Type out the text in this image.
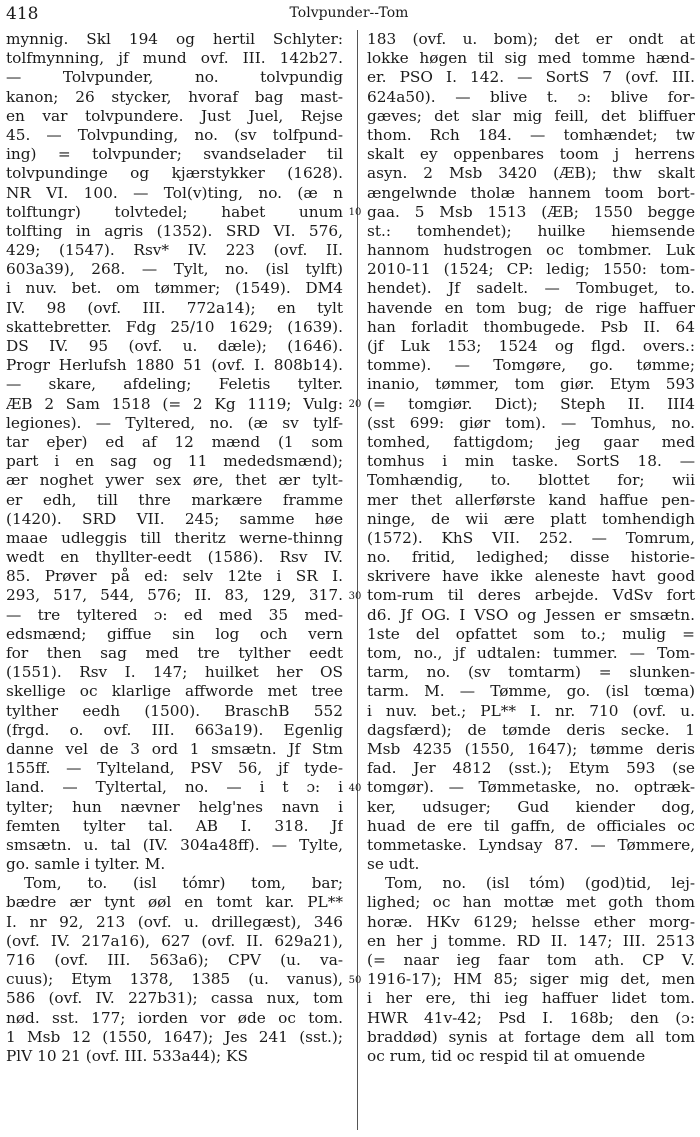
418	Tolvpunder--Tom
10
20
30
40
50
mynnig. Skl 194 og hertil Schlyter:
tolfmynning, jf mund ovf. III. 142b27.
— Tolvpunder, no. tolvpundig
kanon; 26 stycker, hvoraf bag mast-
en var tolvpundere. Just Juel, Rejse
45. — Tolvpunding, no. (sv tolfpund-
ing) = tolvpunder; svandselader til
tolvpundinge og kjærstykker (1628).
NR VI. 100. — Tol(v)ting, no. (æ n
tolftungr) tolvtedel; habet unum
tolfting in agris (1352). SRD VI. 576,
429; (1547). Rsv* IV. 223 (ovf. II.
603a39), 268. — Tylt, no. (isl tylft)
i nuv. bet. om tømmer; (1549). DM4
IV. 98 (ovf. III. 772a14); en tylt
skattebretter. Fdg 25/10 1629; (1639).
DS IV. 95 (ovf. u. dæle); (1646).
Progr Herlufsh 1880 51 (ovf. I. 808b14).
— skare, afdeling; Feletis tylter.
ÆB 2 Sam 1518 (= 2 Kg 1119; Vulg:
legiones). — Tyltered, no. (æ sv tylf-
tar eþer) ed af 12 mænd (1 som
part i en sag og 11 mededsmænd);
ær noghet ywer sex øre, thet ær tylt-
er edh, till thre markære framme
(1420). SRD VII. 245; samme høe
maae udleggis till theritz werne-thinng
wedt en thyllter-eedt (1586). Rsv IV.
85. Prøver på ed: selv 12te i SR I.
293, 517, 544, 576; II. 83, 129, 317.
— tre tyltered ɔ: ed med 35 med-
edsmænd; giffue sin log och vern
for then sag med tre tylther eedt
(1551). Rsv I. 147; huilket her OS
skellige oc klarlige affworde met tree
tylther eedh (1500). BraschB 552
(frgd. o. ovf. III. 663a19). Egenlig
danne vel de 3 ord 1 smsætn. Jf Stm
155ff. — Tylteland, PSV 56, jf tyde-
land. — Tyltertal, no. — i t ɔ: i
tylter; hun nævner helg'nes navn i
femten tylter tal. AB I. 318. Jf
smsætn. u. tal (IV. 304a48ff). — Tylte,
go. samle i tylter. M.
Tom, to. (isl tómr) tom, bar;
bædre ær tynt øøl en tomt kar. PL**
I. nr 92, 213 (ovf. u. drillegæst), 346
(ovf. IV. 217a16), 627 (ovf. II. 629a21),
716 (ovf. III. 563a6); CPV (u. va-
cuus); Etym 1378, 1385 (u. vanus),
586 (ovf. IV. 227b31); cassa nux, tom
nød. sst. 177; iorden vor øde oc tom.
1 Msb 12 (1550, 1647); Jes 241 (sst.);
PlV 10 21 (ovf. III. 533a44); KS
183 (ovf. u. bom); det er ondt at
lokke høgen til sig med tomme hænd-
er. PSO I. 142. — SortS 7 (ovf. III.
624a50). — blive t. ɔ: blive for-
gæves; det slar mig feill, det bliffuer
thom. Rch 184. — tomhændet; tw
skalt ey oppenbares toom j herrens
asyn. 2 Msb 3420 (ÆB); thw skalt
ængelwnde tholæ hannem toom bort-
gaa. 5 Msb 1513 (ÆB; 1550 begge
st.: tomhendet); huilke hiemsende
hannom hudstrogen oc tombmer. Luk
2010-11 (1524; CP: ledig; 1550: tom-
hendet). Jf sadelt. — Tombuget, to.
havende en tom bug; de rige haffuer
han forladit thombugede. Psb II. 64
(jf Luk 153; 1524 og flgd. overs.:
tomme). — Tomgøre, go. tømme;
inanio, tømmer, tom giør. Etym 593
(= tomgiør. Dict); Steph II. III4
(sst 699: giør tom). — Tomhus, no.
tomhed, fattigdom; jeg gaar med
tomhus i min taske. SortS 18. —
Tomhændig, to. blottet for; wii
mer thet allerførste kand haffue pen-
ninge, de wii ære platt tomhendigh
(1572). KhS VII. 252. — Tomrum,
no. fritid, ledighed; disse historie-
skrivere have ikke aleneste havt good
tom-rum til deres arbejde. VdSv fort
d6. Jf OG. I VSO og Jessen er smsætn.
1ste del opfattet som to.; mulig =
tom, no., jf udtalen: tummer. — Tom-
tarm, no. (sv tomtarm) = slunken-
tarm. M. — Tømme, go. (isl tœma)
i nuv. bet.; PL** I. nr. 710 (ovf. u.
dagsfærd); de tømde deris secke. 1
Msb 4235 (1550, 1647); tømme deris
fad. Jer 4812 (sst.); Etym 593 (se
tomgør). — Tømmetaske, no. optræk-
ker, udsuger; Gud kiender dog,
huad de ere til gaffn, de officiales oc
tommetaske. Lyndsay 87. — Tømmere,
se udt.
Tom, no. (isl tóm) (god)tid, lej-
lighed; oc han mottæ met goth thom
horæ. HKv 6129; helsse ether morg-
en her j tomme. RD II. 147; III. 2513
(= naar ieg faar tom ath. CP V.
1916-17); HM 85; siger mig det, men
i her ere, thi ieg haffuer lidet tom.
HWR 41v-42; Psd I. 168b; den (ɔ:
braddød) synis at fortage dem all tom
oc rum, tid oc respid til at omuende
